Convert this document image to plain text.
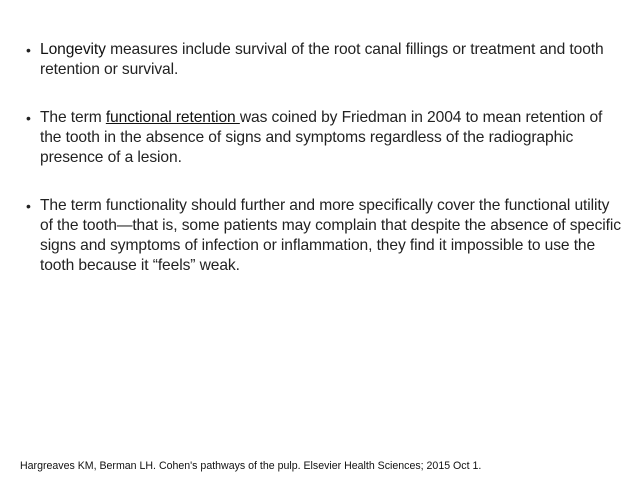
• Longevity measures include survival of the root canal fillings or treatment and tooth retention or survival.
• The term functional retention was coined by Friedman in 2004 to mean retention of the tooth in the absence of signs and symptoms regardless of the radiographic presence of a lesion.
• The term functionality should further and more specifically cover the functional utility of the tooth—that is, some patients may complain that despite the absence of specific signs and symptoms of infection or inflammation, they find it impossible to use the tooth because it “feels” weak.
Hargreaves KM, Berman LH. Cohen's pathways of the pulp. Elsevier Health Sciences; 2015 Oct 1.
